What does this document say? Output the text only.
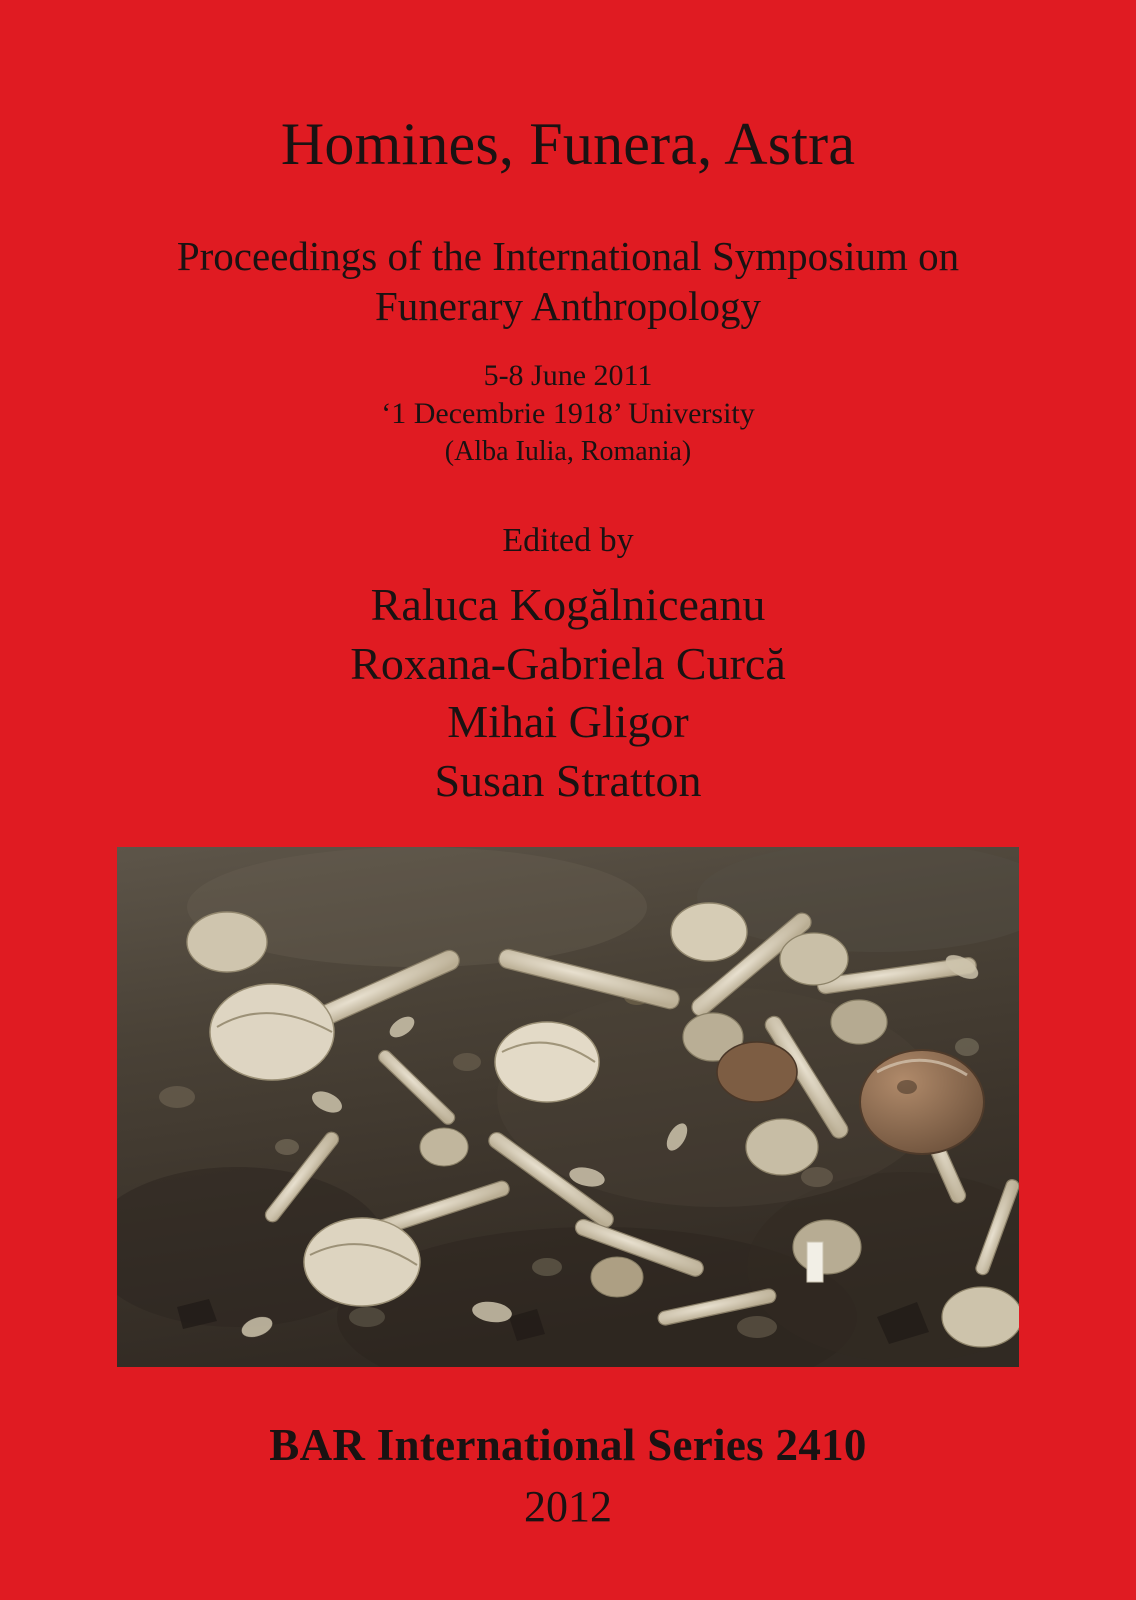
Homines, Funera, Astra
Proceedings of the International Symposium on
Funerary Anthropology
5-8 June 2011
‘1 Decembrie 1918’ University
(Alba Iulia, Romania)
Edited by
Raluca Kogălniceanu
Roxana-Gabriela Curcă
Mihai Gligor
Susan Stratton
BAR International Series 2410
2012
